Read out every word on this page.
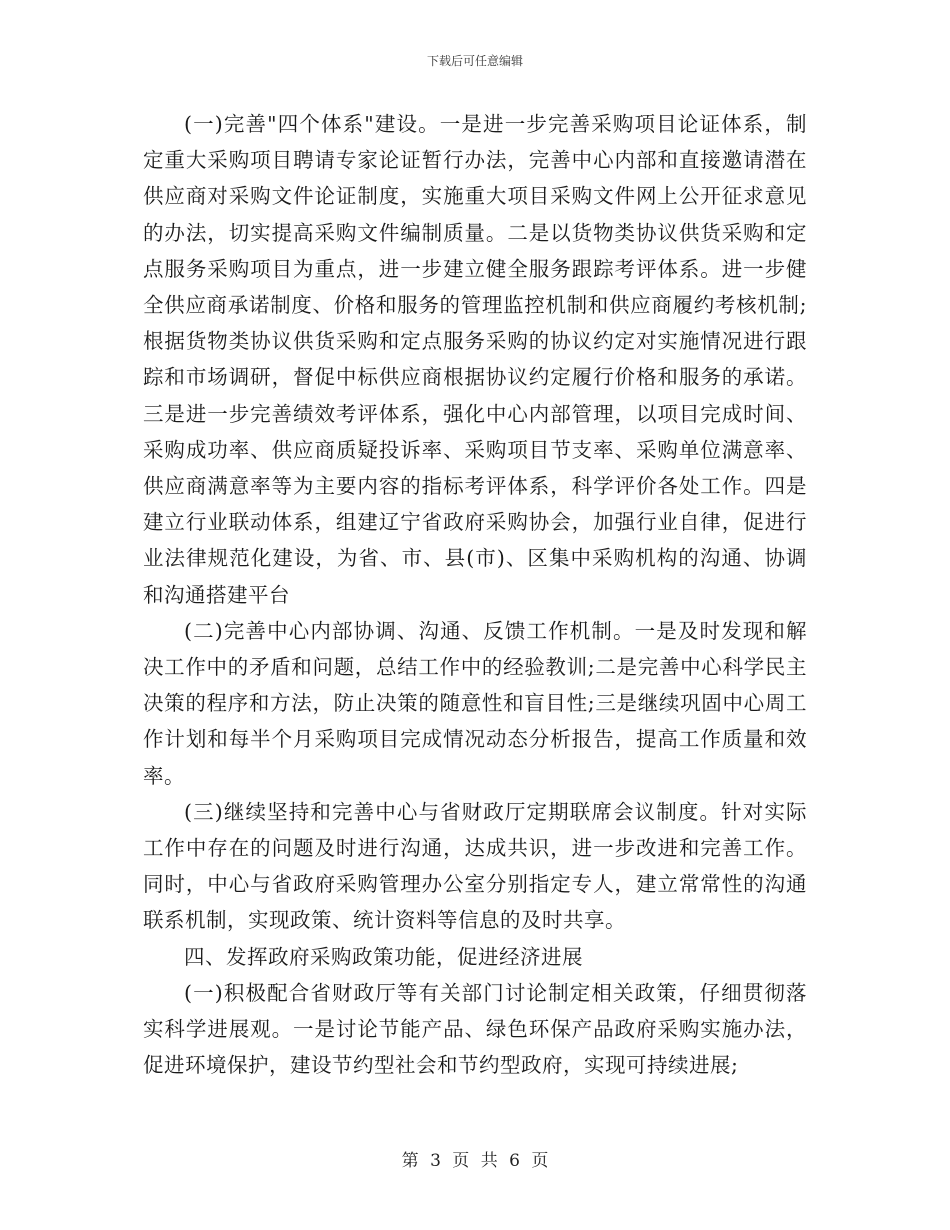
下载后可任意编辑

(一)完善"四个体系"建设。一是进一步完善采购项目论证体系，制定重大采购项目聘请专家论证暂行办法，完善中心内部和直接邀请潜在供应商对采购文件论证制度，实施重大项目采购文件网上公开征求意见的办法，切实提高采购文件编制质量。二是以货物类协议供货采购和定点服务采购项目为重点，进一步建立健全服务跟踪考评体系。进一步健全供应商承诺制度、价格和服务的管理监控机制和供应商履约考核机制;根据货物类协议供货采购和定点服务采购的协议约定对实施情况进行跟踪和市场调研，督促中标供应商根据协议约定履行价格和服务的承诺。三是进一步完善绩效考评体系，强化中心内部管理，以项目完成时间、采购成功率、供应商质疑投诉率、采购项目节支率、采购单位满意率、供应商满意率等为主要内容的指标考评体系，科学评价各处工作。四是建立行业联动体系，组建辽宁省政府采购协会，加强行业自律，促进行业法律规范化建设，为省、市、县(市)、区集中采购机构的沟通、协调和沟通搭建平台

(二)完善中心内部协调、沟通、反馈工作机制。一是及时发现和解决工作中的矛盾和问题，总结工作中的经验教训;二是完善中心科学民主决策的程序和方法，防止决策的随意性和盲目性;三是继续巩固中心周工作计划和每半个月采购项目完成情况动态分析报告，提高工作质量和效率。

(三)继续坚持和完善中心与省财政厅定期联席会议制度。针对实际工作中存在的问题及时进行沟通，达成共识，进一步改进和完善工作。同时，中心与省政府采购管理办公室分别指定专人，建立常常性的沟通联系机制，实现政策、统计资料等信息的及时共享。

四、发挥政府采购政策功能，促进经济进展

(一)积极配合省财政厅等有关部门讨论制定相关政策，仔细贯彻落实科学进展观。一是讨论节能产品、绿色环保产品政府采购实施办法，促进环境保护，建设节约型社会和节约型政府，实现可持续进展;

第 3 页 共 6 页
